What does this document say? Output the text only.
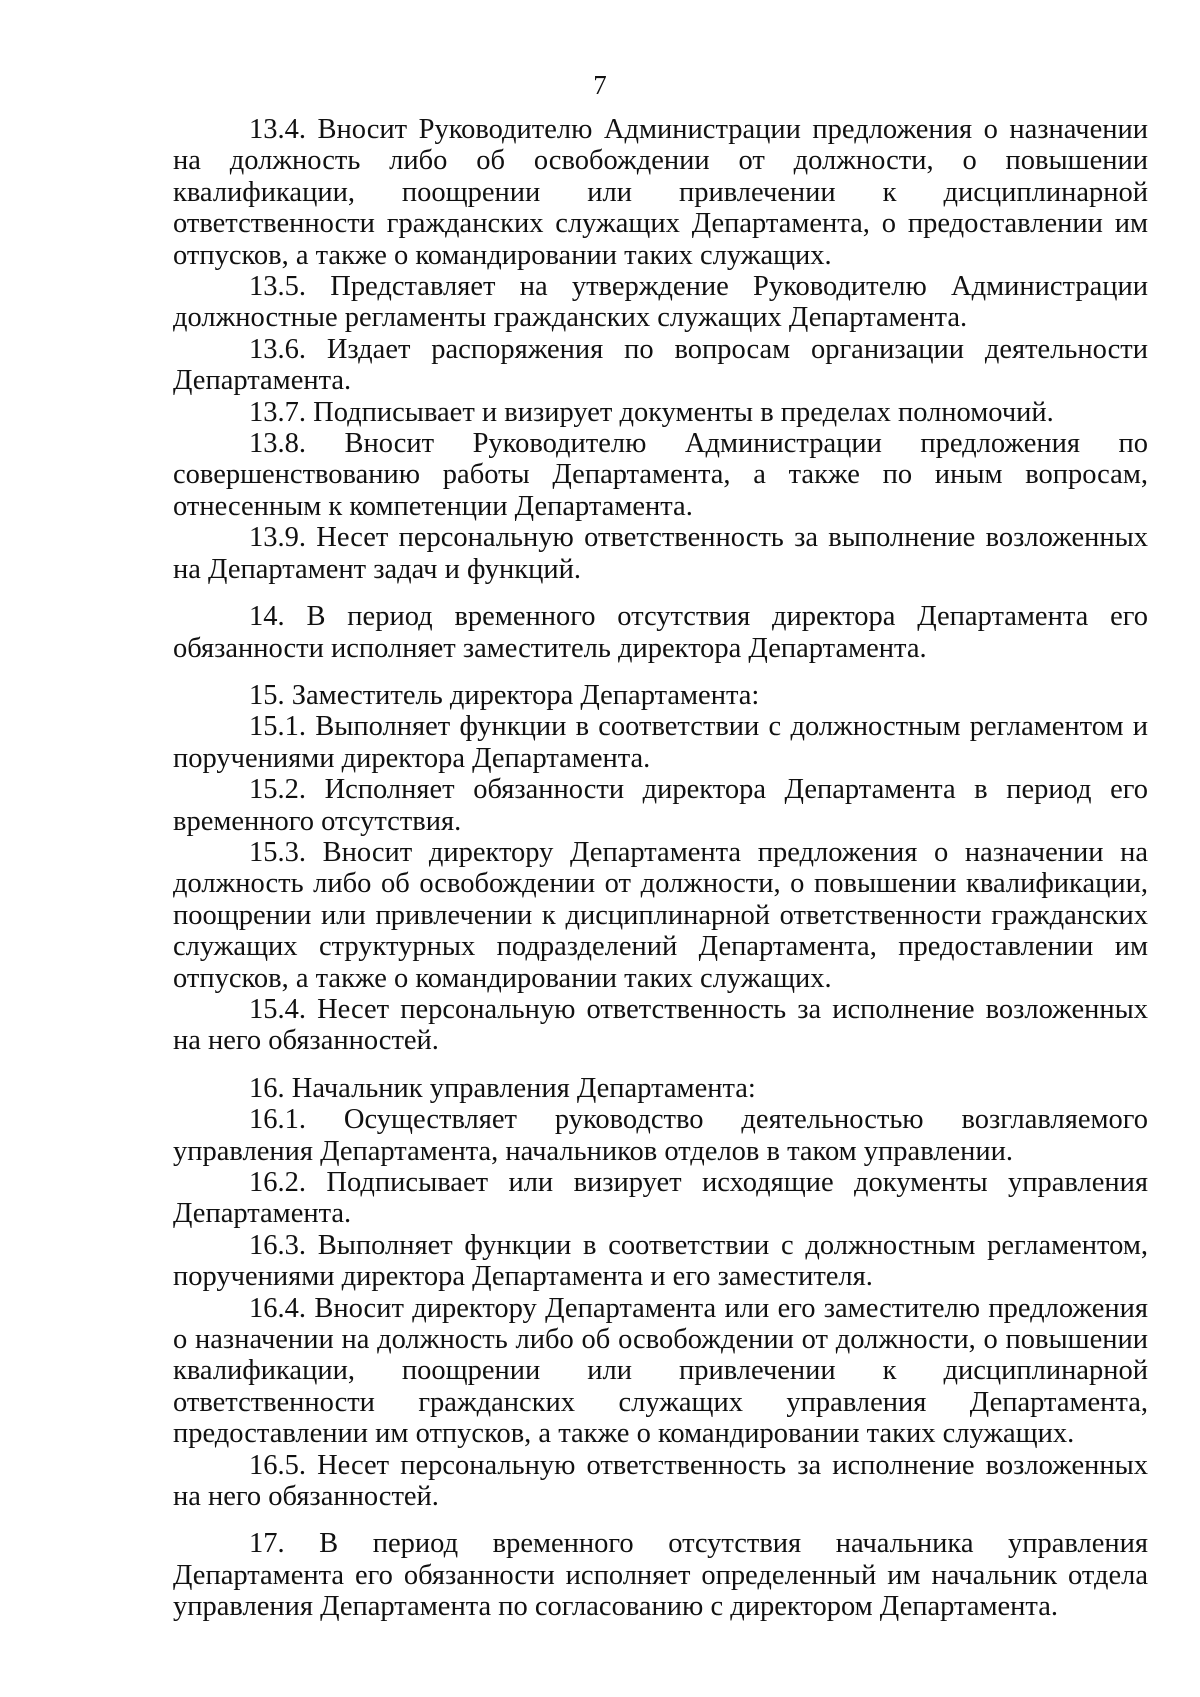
7

13.4. Вносит Руководителю Администрации предложения о назначении на должность либо об освобождении от должности, о повышении квалификации, поощрении или привлечении к дисциплинарной ответственности гражданских служащих Департамента, о предоставлении им отпусков, а также о командировании таких служащих.

13.5. Представляет на утверждение Руководителю Администрации должностные регламенты гражданских служащих Департамента.

13.6. Издает распоряжения по вопросам организации деятельности Департамента.

13.7. Подписывает и визирует документы в пределах полномочий.

13.8. Вносит Руководителю Администрации предложения по совершенствованию работы Департамента, а также по иным вопросам, отнесенным к компетенции Департамента.

13.9. Несет персональную ответственность за выполнение возложенных на Департамент задач и функций.

14. В период временного отсутствия директора Департамента его обязанности исполняет заместитель директора Департамента.

15. Заместитель директора Департамента:

15.1. Выполняет функции в соответствии с должностным регламентом и поручениями директора Департамента.

15.2. Исполняет обязанности директора Департамента в период его временного отсутствия.

15.3. Вносит директору Департамента предложения о назначении на должность либо об освобождении от должности, о повышении квалификации, поощрении или привлечении к дисциплинарной ответственности гражданских служащих структурных подразделений Департамента, предоставлении им отпусков, а также о командировании таких служащих.

15.4. Несет персональную ответственность за исполнение возложенных на него обязанностей.

16. Начальник управления Департамента:

16.1. Осуществляет руководство деятельностью возглавляемого управления Департамента, начальников отделов в таком управлении.

16.2. Подписывает или визирует исходящие документы управления Департамента.

16.3. Выполняет функции в соответствии с должностным регламентом, поручениями директора Департамента и его заместителя.

16.4. Вносит директору Департамента или его заместителю предложения о назначении на должность либо об освобождении от должности, о повышении квалификации, поощрении или привлечении к дисциплинарной ответственности гражданских служащих управления Департамента, предоставлении им отпусков, а также о командировании таких служащих.

16.5. Несет персональную ответственность за исполнение возложенных на него обязанностей.

17. В период временного отсутствия начальника управления Департамента его обязанности исполняет определенный им начальник отдела управления Департамента по согласованию с директором Департамента.
